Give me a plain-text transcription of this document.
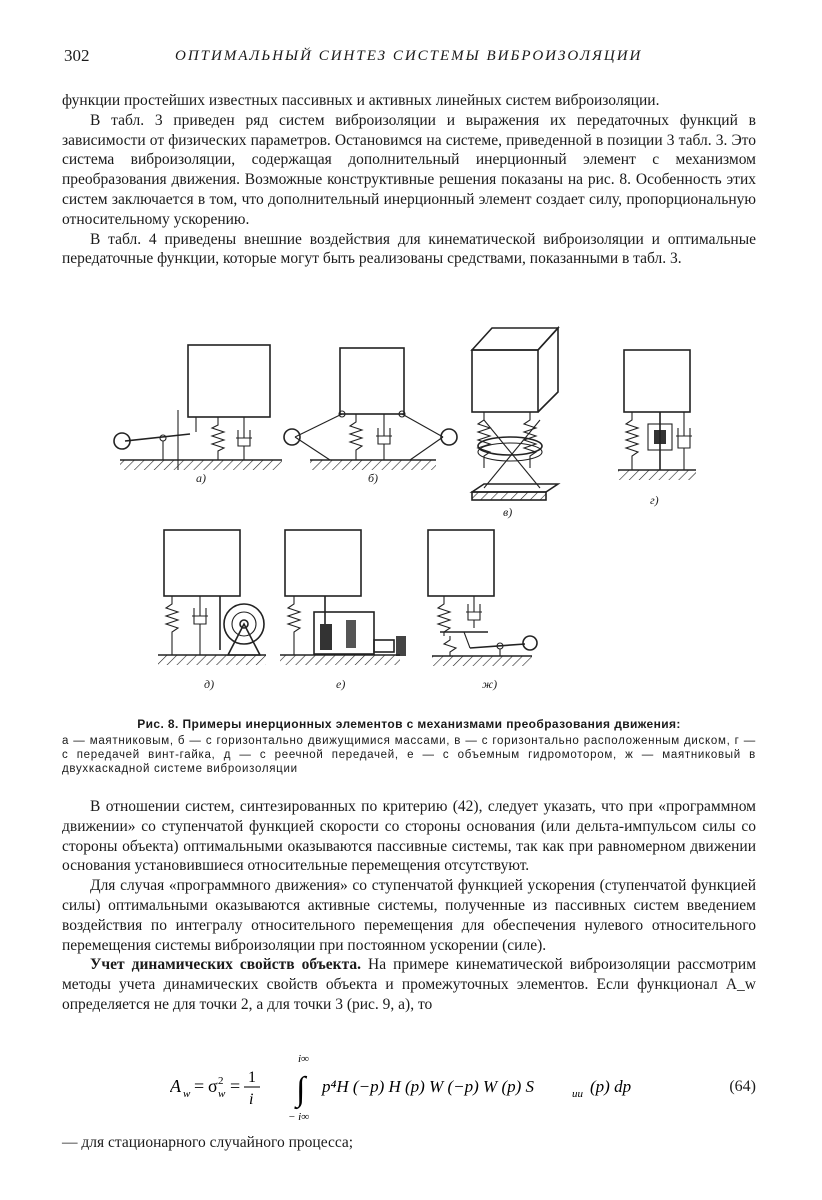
302	ОПТИМАЛЬНЫЙ СИНТЕЗ СИСТЕМЫ ВИБРОИЗОЛЯЦИИ

функции простейших известных пассивных и активных линейных систем виброизоляции.

В табл. 3 приведен ряд систем виброизоляции и выражения их передаточных функций в зависимости от физических параметров. Остановимся на системе, приведенной в позиции 3 табл. 3. Это система виброизоляции, содержащая дополнительный инерционный элемент с механизмом преобразования движения. Возможные конструктивные решения показаны на рис. 8. Особенность этих систем заключается в том, что дополнительный инерционный элемент создает силу, пропорциональную относительному ускорению.

В табл. 4 приведены внешние воздействия для кинематической виброизоляции и оптимальные передаточные функции, которые могут быть реализованы средствами, показанными в табл. 3.

а)	б)
в)
г)
д)	е)	ж)
Рис. 8. Примеры инерционных элементов с механизмами преобразования движения:
а — маятниковым, б — с горизонтально движущимися массами, в — с горизонтально расположенным диском, г — с передачей винт-гайка, д — с реечной передачей, е — с объемным гидромотором, ж — маятниковый в двухкаскадной системе виброизоляции

В отношении систем, синтезированных по критерию (42), следует указать, что при «программном движении» со ступенчатой функцией скорости со стороны основания (или дельта-импульсом силы со стороны объекта) оптимальными оказываются пассивные системы, так как при равномерном движении основания установившиеся относительные перемещения отсутствуют.

Для случая «программного движения» со ступенчатой функцией ускорения (ступенчатой функцией силы) оптимальными оказываются активные системы, полученные из пассивных систем введением воздействия по интегралу относительного перемещения для обеспечения нулевого относительного перемещения системы виброизоляции при постоянном ускорении (силе).

Учет динамических свойств объекта. На примере кинематической виброизоляции рассмотрим методы учета динамических свойств объекта и промежуточных элементов. Если функционал A_w определяется не для точки 2, а для точки 3 (рис. 9, а), то

A w = σ 2
w = 1
i
i∞
∫
− i∞
p⁴H (−p) H (p) W (−p) W (p) S	uu (p) dp	(64)
— для стационарного случайного процесса;
